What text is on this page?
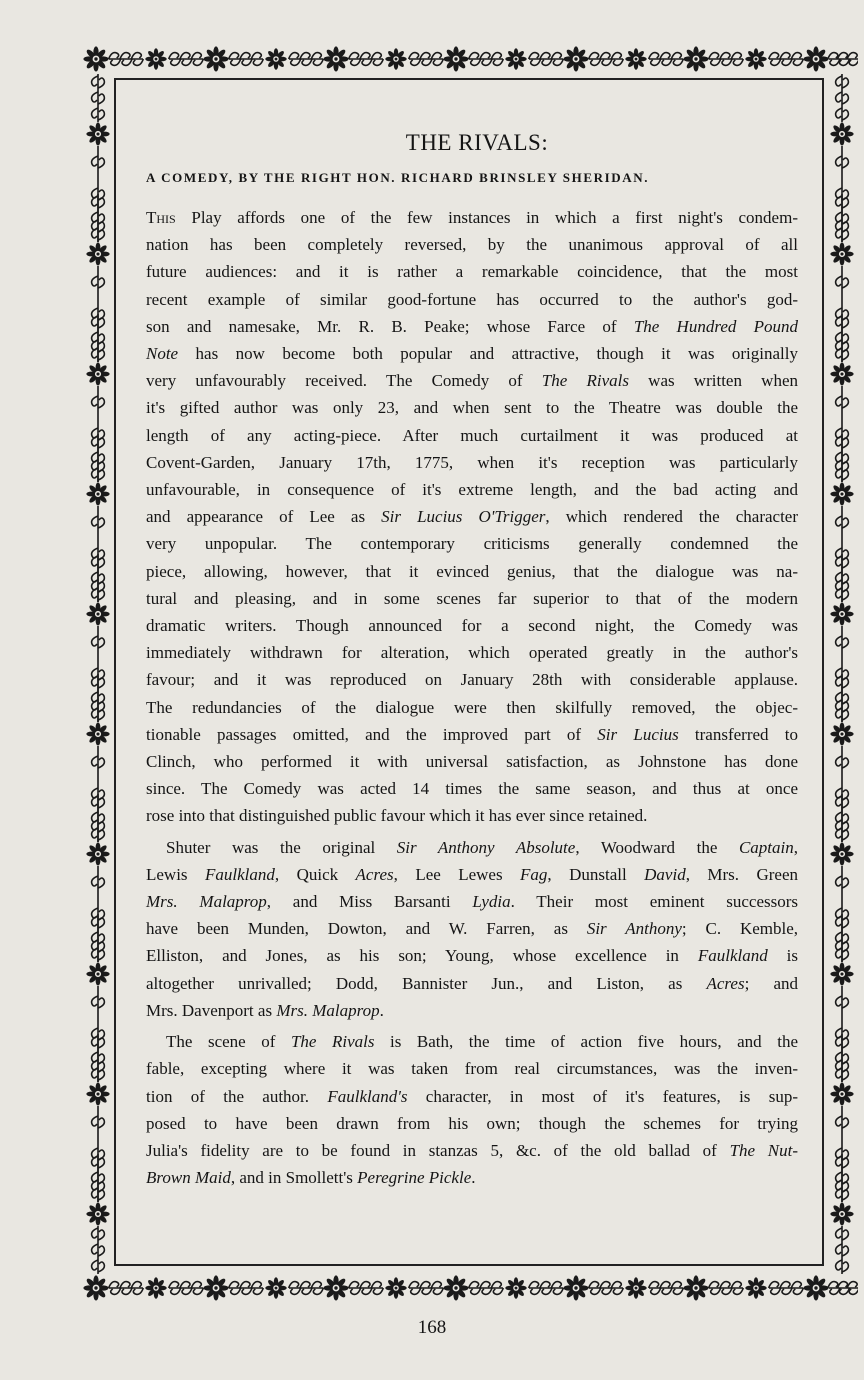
THE RIVALS:
A COMEDY, BY THE RIGHT HON. RICHARD BRINSLEY SHERIDAN.
This Play affords one of the few instances in which a first night's condem-
nation has been completely reversed, by the unanimous approval of all
future audiences: and it is rather a remarkable coincidence, that the most
recent example of similar good-fortune has occurred to the author's god-
son and namesake, Mr. R. B. Peake; whose Farce of The Hundred Pound
Note has now become both popular and attractive, though it was originally
very unfavourably received. The Comedy of The Rivals was written when
it's gifted author was only 23, and when sent to the Theatre was double the
length of any acting-piece. After much curtailment it was produced at
Covent-Garden, January 17th, 1775, when it's reception was particularly
unfavourable, in consequence of it's extreme length, and the bad acting and
and appearance of Lee as Sir Lucius O'Trigger, which rendered the character
very unpopular. The contemporary criticisms generally condemned the
piece, allowing, however, that it evinced genius, that the dialogue was na-
tural and pleasing, and in some scenes far superior to that of the modern
dramatic writers. Though announced for a second night, the Comedy was
immediately withdrawn for alteration, which operated greatly in the author's
favour; and it was reproduced on January 28th with considerable applause.
The redundancies of the dialogue were then skilfully removed, the objec-
tionable passages omitted, and the improved part of Sir Lucius transferred to
Clinch, who performed it with universal satisfaction, as Johnstone has done
since. The Comedy was acted 14 times the same season, and thus at once
rose into that distinguished public favour which it has ever since retained.
Shuter was the original Sir Anthony Absolute, Woodward the Captain,
Lewis Faulkland, Quick Acres, Lee Lewes Fag, Dunstall David, Mrs. Green
Mrs. Malaprop, and Miss Barsanti Lydia. Their most eminent successors
have been Munden, Dowton, and W. Farren, as Sir Anthony; C. Kemble,
Elliston, and Jones, as his son; Young, whose excellence in Faulkland is
altogether unrivalled; Dodd, Bannister Jun., and Liston, as Acres; and
Mrs. Davenport as Mrs. Malaprop.
The scene of The Rivals is Bath, the time of action five hours, and the
fable, excepting where it was taken from real circumstances, was the inven-
tion of the author. Faulkland's character, in most of it's features, is sup-
posed to have been drawn from his own; though the schemes for trying
Julia's fidelity are to be found in stanzas 5, &c. of the old ballad of The Nut-
Brown Maid, and in Smollett's Peregrine Pickle.
168
